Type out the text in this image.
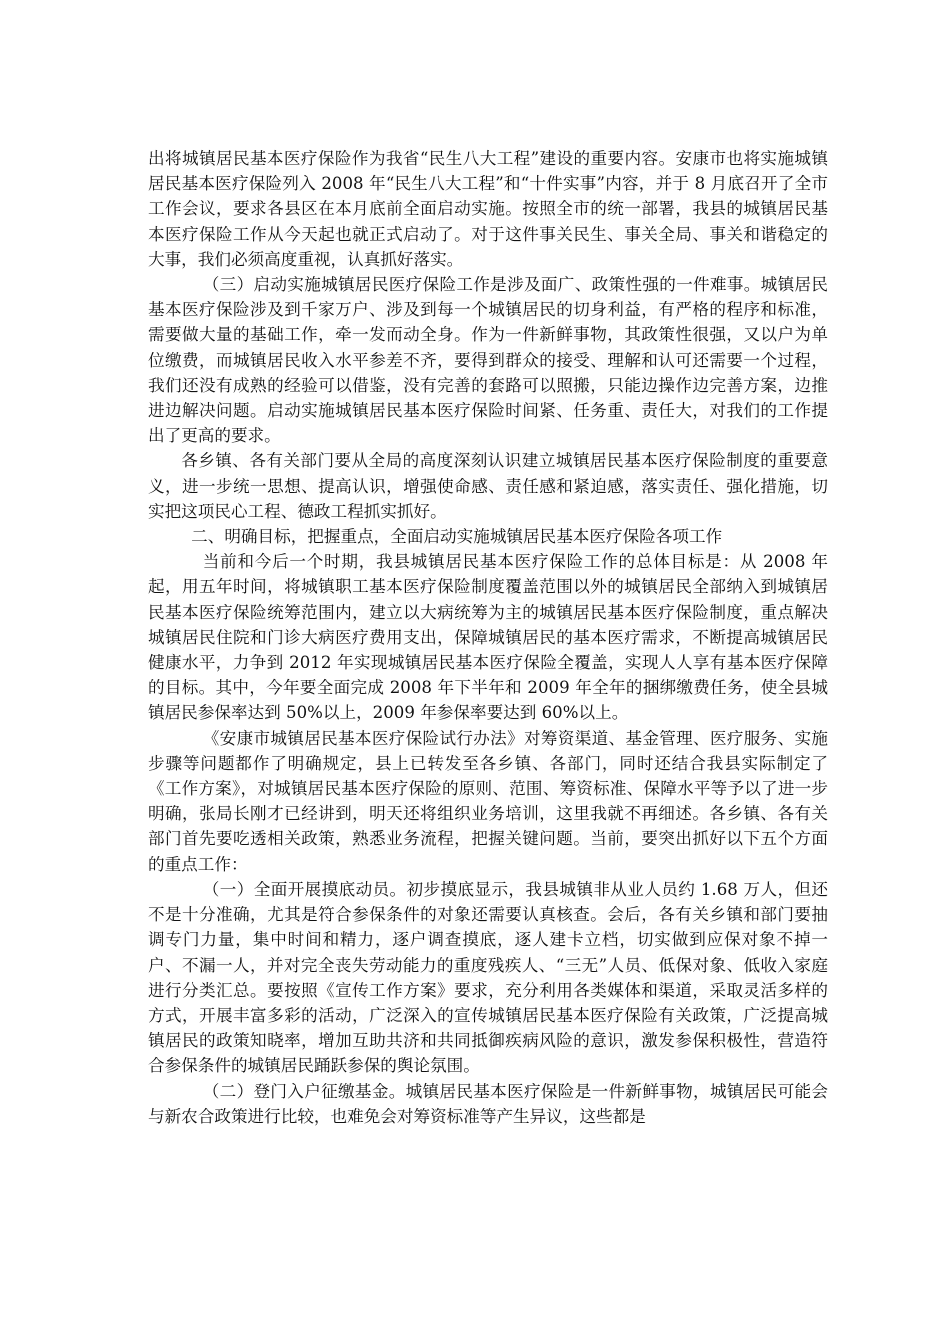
出将城镇居民基本医疗保险作为我省“民生八大工程”建设的重要内容。安康市也将实施城镇居民基本医疗保险列入 2008 年“民生八大工程”和“十件实事”内容，并于 8 月底召开了全市工作会议，要求各县区在本月底前全面启动实施。按照全市的统一部署，我县的城镇居民基本医疗保险工作从今天起也就正式启动了。对于这件事关民生、事关全局、事关和谐稳定的大事，我们必须高度重视，认真抓好落实。

（三）启动实施城镇居民医疗保险工作是涉及面广、政策性强的一件难事。城镇居民基本医疗保险涉及到千家万户、涉及到每一个城镇居民的切身利益，有严格的程序和标准，需要做大量的基础工作，牵一发而动全身。作为一件新鲜事物，其政策性很强，又以户为单位缴费，而城镇居民收入水平参差不齐，要得到群众的接受、理解和认可还需要一个过程，我们还没有成熟的经验可以借鉴，没有完善的套路可以照搬，只能边操作边完善方案，边推进边解决问题。启动实施城镇居民基本医疗保险时间紧、任务重、责任大，对我们的工作提出了更高的要求。

各乡镇、各有关部门要从全局的高度深刻认识建立城镇居民基本医疗保险制度的重要意义，进一步统一思想、提高认识，增强使命感、责任感和紧迫感，落实责任、强化措施，切实把这项民心工程、德政工程抓实抓好。

二、明确目标，把握重点，全面启动实施城镇居民基本医疗保险各项工作

当前和今后一个时期，我县城镇居民基本医疗保险工作的总体目标是：从 2008 年起，用五年时间，将城镇职工基本医疗保险制度覆盖范围以外的城镇居民全部纳入到城镇居民基本医疗保险统筹范围内，建立以大病统筹为主的城镇居民基本医疗保险制度，重点解决城镇居民住院和门诊大病医疗费用支出，保障城镇居民的基本医疗需求，不断提高城镇居民健康水平，力争到 2012 年实现城镇居民基本医疗保险全覆盖，实现人人享有基本医疗保障的目标。其中，今年要全面完成 2008 年下半年和 2009 年全年的捆绑缴费任务，使全县城镇居民参保率达到 50%以上，2009 年参保率要达到 60%以上。

《安康市城镇居民基本医疗保险试行办法》对筹资渠道、基金管理、医疗服务、实施步骤等问题都作了明确规定，县上已转发至各乡镇、各部门，同时还结合我县实际制定了《工作方案》，对城镇居民基本医疗保险的原则、范围、筹资标准、保障水平等予以了进一步明确，张局长刚才已经讲到，明天还将组织业务培训，这里我就不再细述。各乡镇、各有关部门首先要吃透相关政策，熟悉业务流程，把握关键问题。当前，要突出抓好以下五个方面的重点工作：

（一）全面开展摸底动员。初步摸底显示，我县城镇非从业人员约 1.68 万人，但还不是十分准确，尤其是符合参保条件的对象还需要认真核查。会后，各有关乡镇和部门要抽调专门力量，集中时间和精力，逐户调查摸底，逐人建卡立档，切实做到应保对象不掉一户、不漏一人，并对完全丧失劳动能力的重度残疾人、“三无”人员、低保对象、低收入家庭进行分类汇总。要按照《宣传工作方案》要求，充分利用各类媒体和渠道，采取灵活多样的方式，开展丰富多彩的活动，广泛深入的宣传城镇居民基本医疗保险有关政策，广泛提高城镇居民的政策知晓率，增加互助共济和共同抵御疾病风险的意识，激发参保积极性，营造符合参保条件的城镇居民踊跃参保的舆论氛围。

（二）登门入户征缴基金。城镇居民基本医疗保险是一件新鲜事物，城镇居民可能会与新农合政策进行比较，也难免会对筹资标准等产生异议，这些都是
